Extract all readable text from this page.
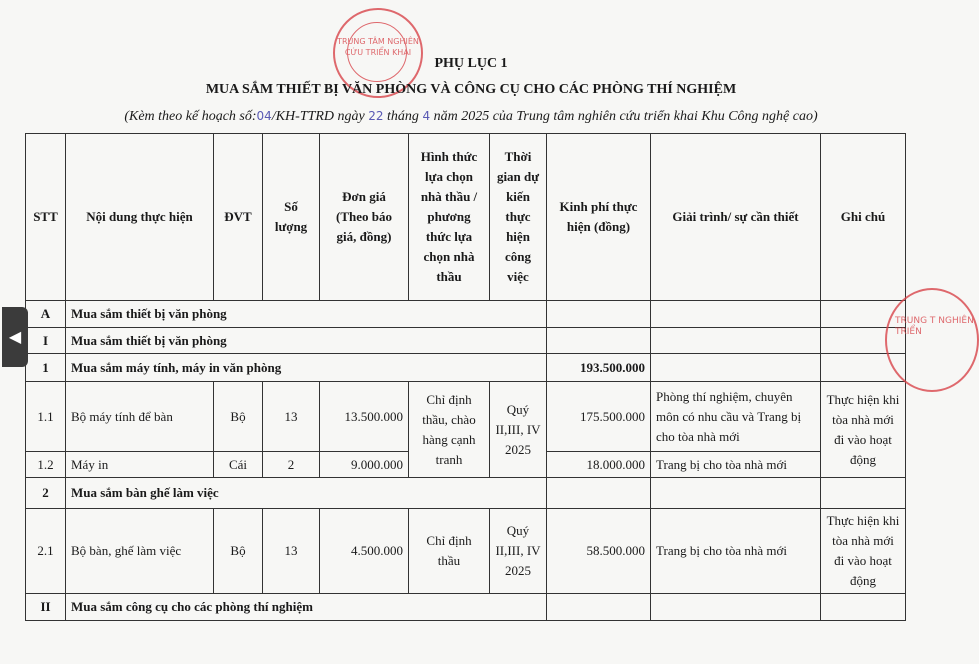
TRUNG TÂM NGHIÊN CỨU TRIỂN KHAI
PHỤ LỤC 1
MUA SẮM THIẾT BỊ VĂN PHÒNG VÀ CÔNG CỤ CHO CÁC PHÒNG THÍ NGHIỆM
(Kèm theo kế hoạch số:04/KH-TTRD ngày 22 tháng 4 năm 2025 của Trung tâm nghiên cứu triển khai Khu Công nghệ cao)
STT	Nội dung thực hiện	ĐVT	Số lượng	Đơn giá (Theo báo giá, đồng)	Hình thức lựa chọn nhà thầu / phương thức lựa chọn nhà thầu	Thời gian dự kiến thực hiện công việc	Kinh phí thực hiện (đồng)	Giải trình/ sự cần thiết	Ghi chú
A	Mua sắm thiết bị văn phòng								
I	Mua sắm thiết bị văn phòng								
1	Mua sắm máy tính, máy in văn phòng						193.500.000		
1.1	Bộ máy tính để bàn	Bộ	13	13.500.000	Chỉ định thầu, chào hàng cạnh tranh	Quý II,III, IV 2025	175.500.000	Phòng thí nghiệm, chuyên môn có nhu cầu và Trang bị cho tòa nhà mới	Thực hiện khi tòa nhà mới đi vào hoạt động
1.2	Máy in	Cái	2	9.000.000			18.000.000	Trang bị cho tòa nhà mới	
2	Mua sắm bàn ghế làm việc								
2.1	Bộ bàn, ghế làm việc	Bộ	13	4.500.000	Chỉ định thầu	Quý II,III, IV 2025	58.500.000	Trang bị cho tòa nhà mới	Thực hiện khi tòa nhà mới đi vào hoạt động
II	Mua sắm công cụ cho các phòng thí nghiệm								
TRUNG T NGHIÊN TRIỂN
◀
